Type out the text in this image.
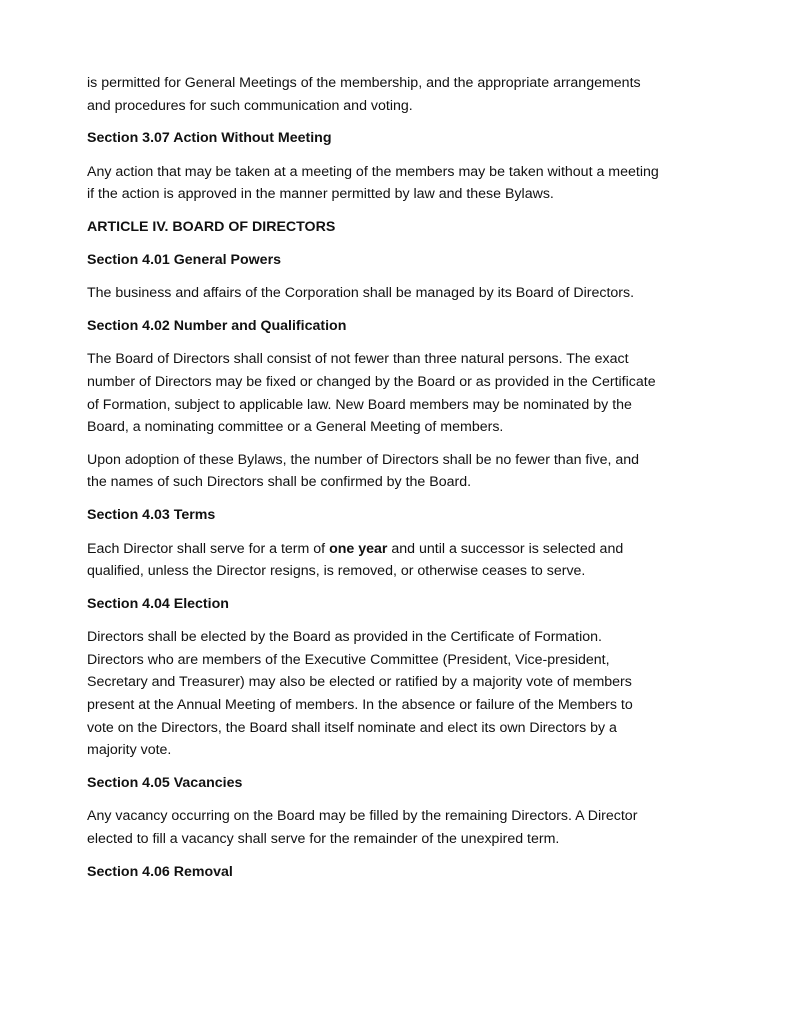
is permitted for General Meetings of the membership, and the appropriate arrangements
and procedures for such communication and voting.
Section 3.07 Action Without Meeting
Any action that may be taken at a meeting of the members may be taken without a meeting
if the action is approved in the manner permitted by law and these Bylaws.
ARTICLE IV. BOARD OF DIRECTORS
Section 4.01 General Powers
The business and affairs of the Corporation shall be managed by its Board of Directors.
Section 4.02 Number and Qualification
The Board of Directors shall consist of not fewer than three natural persons. The exact
number of Directors may be fixed or changed by the Board or as provided in the Certificate
of Formation, subject to applicable law. New Board members may be nominated by the
Board, a nominating committee or a General Meeting of members.
Upon adoption of these Bylaws, the number of Directors shall be no fewer than five, and
the names of such Directors shall be confirmed by the Board.
Section 4.03 Terms
Each Director shall serve for a term of one year and until a successor is selected and
qualified, unless the Director resigns, is removed, or otherwise ceases to serve.
Section 4.04 Election
Directors shall be elected by the Board as provided in the Certificate of Formation.
Directors who are members of the Executive Committee (President, Vice-president,
Secretary and Treasurer) may also be elected or ratified by a majority vote of members
present at the Annual Meeting of members. In the absence or failure of the Members to
vote on the Directors, the Board shall itself nominate and elect its own Directors by a
majority vote.
Section 4.05 Vacancies
Any vacancy occurring on the Board may be filled by the remaining Directors. A Director
elected to fill a vacancy shall serve for the remainder of the unexpired term.
Section 4.06 Removal
